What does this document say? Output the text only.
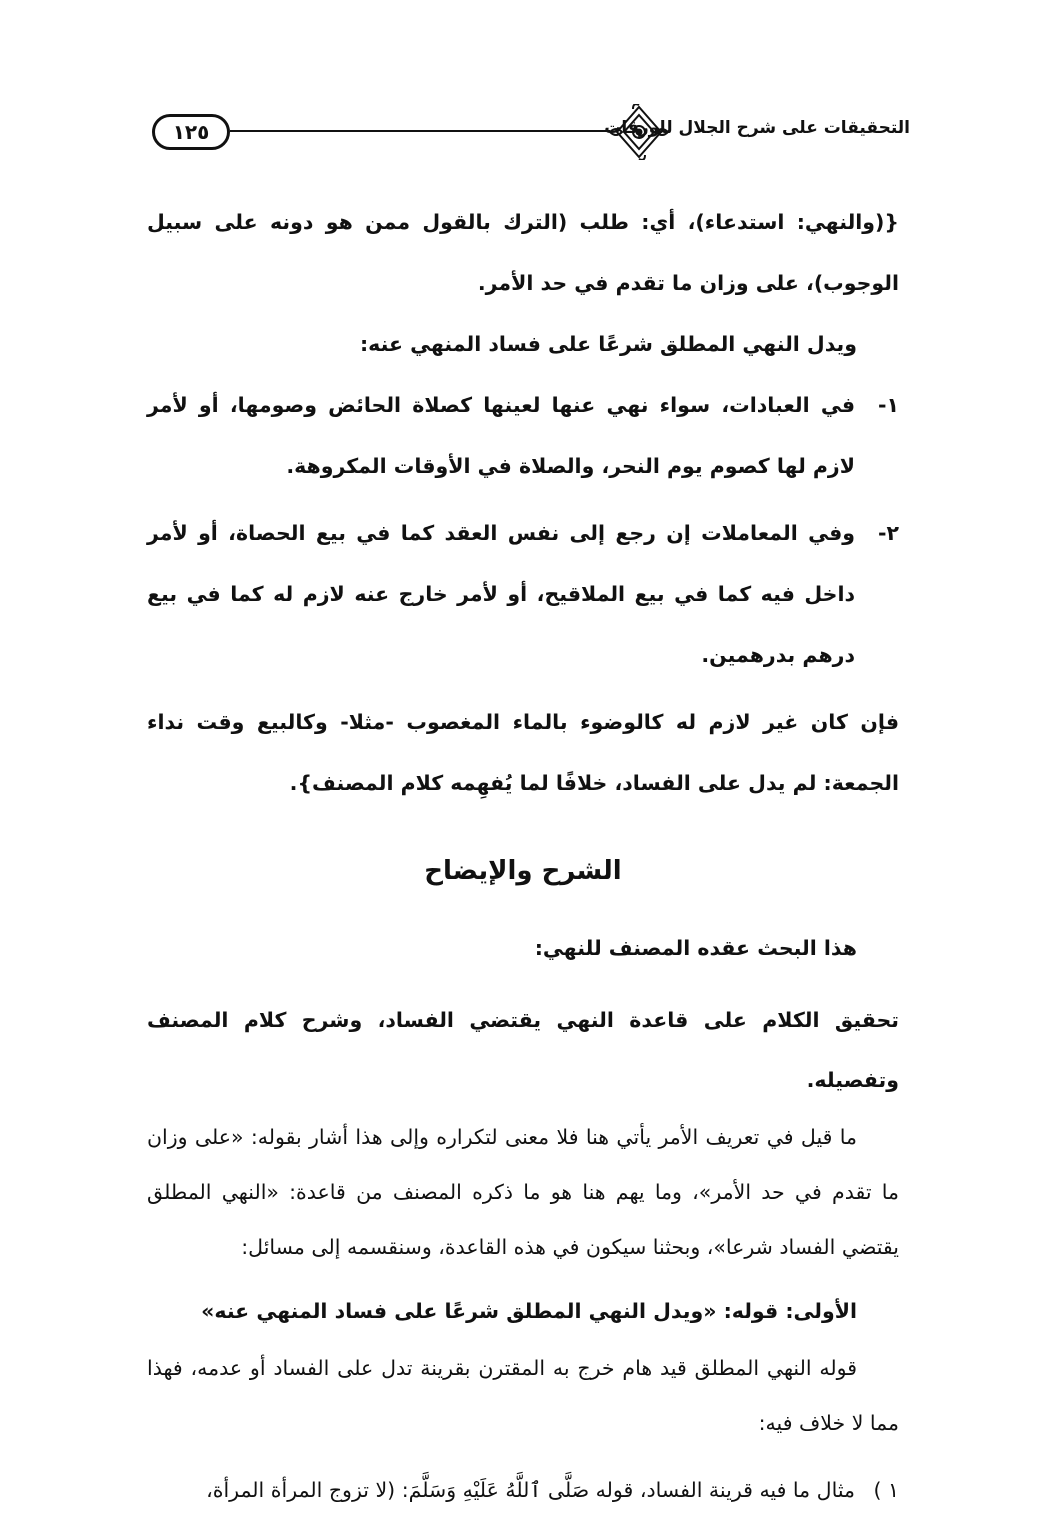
١٢٥	التحقيقات على شرح الجلال للورقات

{(والنهي: استدعاء)، أي: طلب (الترك بالقول ممن هو دونه على سبيل الوجوب)، على وزان ما تقدم في حد الأمر.

ويدل النهي المطلق شرعًا على فساد المنهي عنه:

١-
في العبادات، سواء نهي عنها لعينها كصلاة الحائض وصومها، أو لأمر لازم لها كصوم يوم النحر، والصلاة في الأوقات المكروهة.
٢-
وفي المعاملات إن رجع إلى نفس العقد كما في بيع الحصاة، أو لأمر داخل فيه كما في بيع الملاقيح، أو لأمر خارج عنه لازم له كما في بيع درهم بدرهمين.

فإن كان غير لازم له كالوضوء بالماء المغصوب -مثلا- وكالبيع وقت نداء الجمعة: لم يدل على الفساد، خلافًا لما يُفهِمه كلام المصنف}.

الشرح والإيضاح

هذا البحث عقده المصنف للنهي:

تحقيق الكلام على قاعدة النهي يقتضي الفساد، وشرح كلام المصنف وتفصيله.

ما قيل في تعريف الأمر يأتي هنا فلا معنى لتكراره وإلى هذا أشار بقوله: «على وزان ما تقدم في حد الأمر»، وما يهم هنا هو ما ذكره المصنف من قاعدة: «النهي المطلق يقتضي الفساد شرعا»، وبحثنا سيكون في هذه القاعدة، وسنقسمه إلى مسائل:

الأولى: قوله: «ويدل النهي المطلق شرعًا على فساد المنهي عنه»

قوله النهي المطلق قيد هام خرج به المقترن بقرينة تدل على الفساد أو عدمه، فهذا مما لا خلاف فيه:

١ )
مثال ما فيه قرينة الفساد، قوله صَلَّى ٱللَّهُ عَلَيْهِ وَسَلَّمَ: (لا تزوج المرأة المرأة،
